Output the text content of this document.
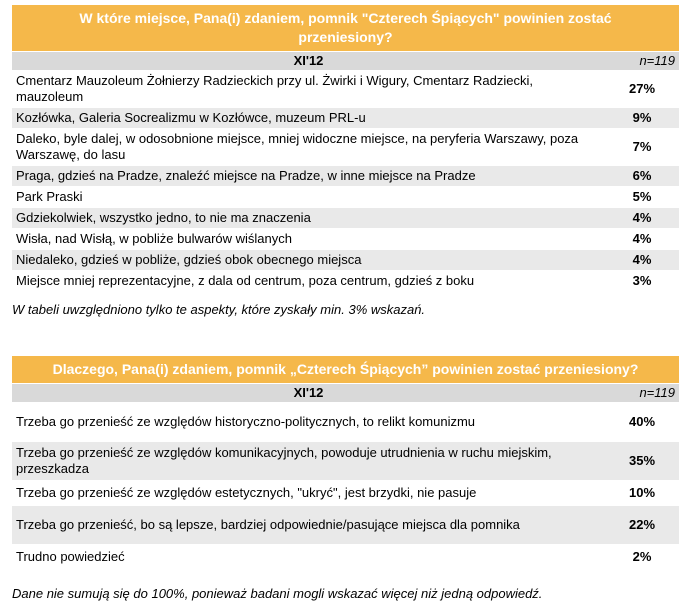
W które miejsce, Pana(i) zdaniem, pomnik "Czterech Śpiących" powinien zostać przeniesiony?	
XI'12	n=119
Cmentarz Mauzoleum Żołnierzy Radzieckich przy ul. Żwirki i Wigury, Cmentarz Radziecki, mauzoleum	27%
Kozłówka, Galeria Socrealizmu w Kozłówce, muzeum PRL-u	9%
Daleko, byle dalej, w odosobnione miejsce, mniej widoczne miejsce, na peryferia Warszawy, poza Warszawę, do lasu	7%
Praga, gdzieś na Pradze, znaleźć miejsce na Pradze, w inne miejsce na Pradze	6%
Park Praski	5%
Gdziekolwiek, wszystko jedno, to nie ma znaczenia	4%
Wisła, nad Wisłą, w pobliże bulwarów wiślanych	4%
Niedaleko, gdzieś w pobliże, gdzieś obok obecnego miejsca	4%
Miejsce mniej reprezentacyjne, z dala od centrum, poza centrum, gdzieś z boku	3%
W tabeli uwzględniono tylko te aspekty, które zyskały min. 3% wskazań.
Dlaczego, Pana(i) zdaniem, pomnik „Czterech Śpiących” powinien zostać przeniesiony?	
XI'12	n=119
Trzeba go przenieść ze względów historyczno-politycznych, to relikt komunizmu	40%
Trzeba go przenieść ze względów komunikacyjnych, powoduje utrudnienia w ruchu miejskim, przeszkadza	35%
Trzeba go przenieść ze względów estetycznych, "ukryć", jest brzydki, nie pasuje	10%
Trzeba go przenieść, bo są lepsze, bardziej odpowiednie/pasujące miejsca dla pomnika	22%
Trudno powiedzieć	2%
Dane nie sumują się do 100%, ponieważ badani mogli wskazać więcej niż jedną odpowiedź.
